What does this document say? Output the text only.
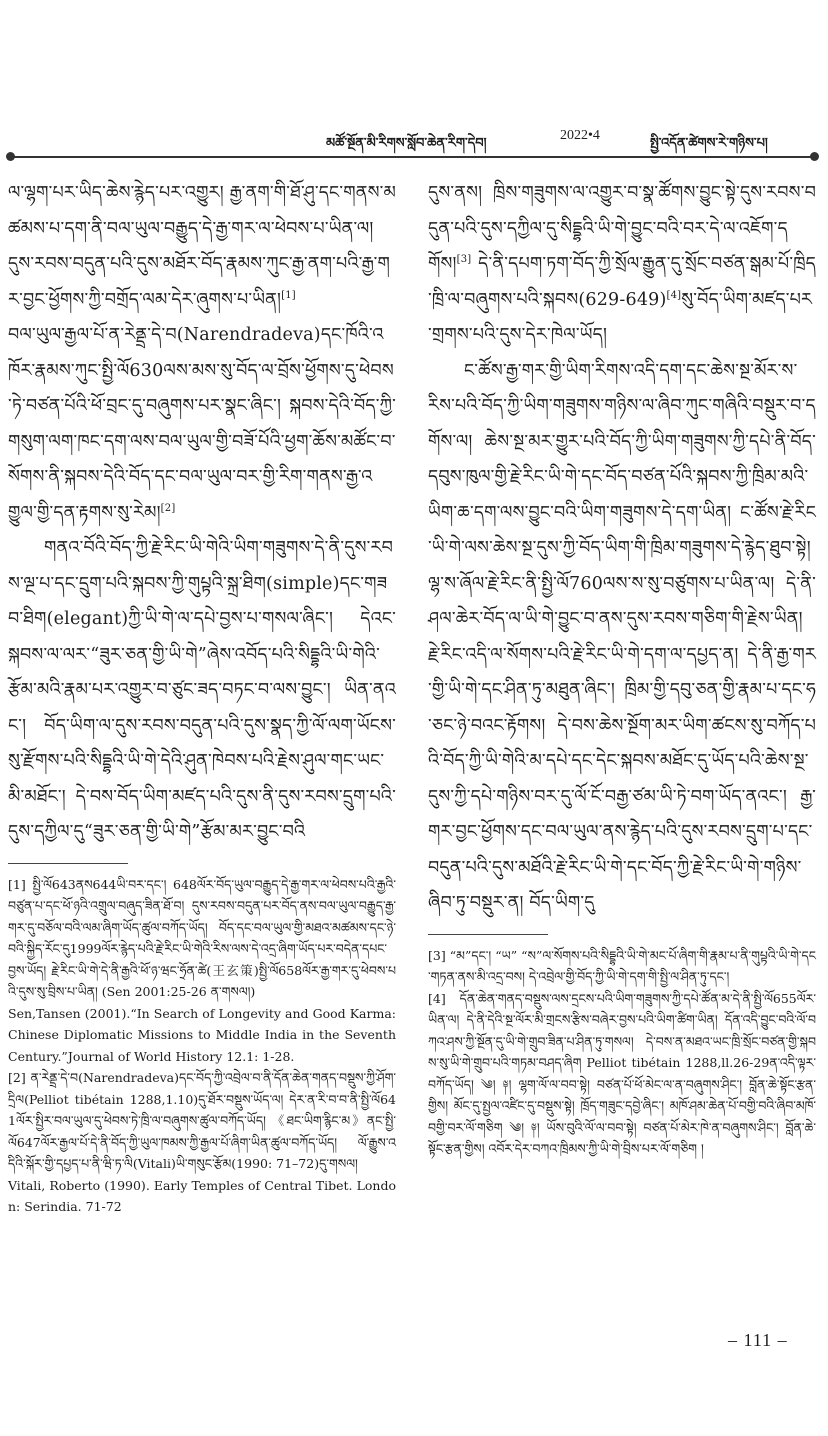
མཚོ་སྔོན་མི་རིགས་སློབ་ཆེན་རིག་དེབ།
2022•4
སྤྱི་འདོན་ཚེགས་རེ་གཉིས་པ།

ལ་ལྷག་པར་ཡིད་ཆེས་རྙེད་པར་འགྱུར། རྒྱ་ནག་གི་ཐོ་ཤུ་དང་གནས་མཚམས་པ་དག་ནི་བལ་ཡུལ་བརྒྱུད་དེ་རྒྱ་གར་ལ་ཕེབས་པ་ཡིན་ལ། དུས་རབས་བདུན་པའི་དུས་མཐོར་བོད་རྣམས་ཀུང་རྒྱ་ནག་པའི་རྒྱ་གར་བྱང་ཕྱོགས་ཀྱི་བགྲོད་ལམ་དེར་ཞུགས་པ་ཡིན།[1]

བལ་ཡུལ་རྒྱལ་པོ་ན་རེནྡྲ་དེ་བ(Narendradeva)དང་ཁོའི་འཁོར་རྣམས་ཀུང་སྤྱི་ལོ630ལས་མས་སུ་བོད་ལ་བྲོས་ཕྱོགས་དུ་ཕེབས་ཏེ་བཙན་པོའི་ཕོ་བྲང་དུ་བཞུགས་པར་སྣང་ཞིང་། སྐབས་དེའི་བོད་ཀྱི་གསུག་ལག་ཁང་དག་ལས་བལ་ཡུལ་གྱི་བཟོ་པོའི་ཕྱག་ཆོས་མཚོང་བ་སོགས་ནི་སྐབས་དེའི་བོད་དང་བལ་ཡུལ་བར་གྱི་རིག་གནས་རྒྱ་འགྱུལ་གྱི་དན་རྟགས་སུ་རེམ།[2]

གནའ་བོའི་བོད་ཀྱི་རྗེ་རིང་ཡི་གེའི་ཡིག་གཟུགས་དེ་ནི་དུས་རབས་ལྔ་པ་དང་དྲུག་པའི་སྐབས་ཀྱི་གུཔྟའི་སྐྲ་ཐིག(simple)དང་གཟབ་ཐིག(elegant)ཀྱི་ཡི་གེ་ལ་དཔེ་བྱས་པ་གསལ་ཞིང་། དེའང་སྐབས་ལ་ལར་“ཟུར་ཅན་གྱི་ཡི་གེ”ཞེས་འབོད་པའི་སིདྡྷའི་ཡི་གེའི་རྩོམ་མའི་རྣམ་པར་འགྱུར་བ་ཙུང་ཟད་བཏང་བ་ལས་བྱུང་། ཡིན་ནའང་། བོད་ཡིག་ལ་དུས་རབས་བདུན་པའི་དུས་སྣད་ཀྱི་ལོ་ལག་ཡོངས་སུ་རྫོགས་པའི་སིདྡྷའི་ཡི་གེ་དེའི་ཤུན་ཁེབས་པའི་རྗེས་ཤུལ་གང་ཡང་མི་མཐོང་། དེ་བས་བོད་ཡིག་མཛད་པའི་དུས་ནི་དུས་རབས་དྲུག་པའི་དུས་དཀྱིལ་དུ“ཟུར་ཅན་གྱི་ཡི་གེ”རྩོམ་མར་བྱུང་བའི

[1] སྤྱི་ལོ643ནས644ཡི་བར་དང་། 648ལོར་བོད་ཡུལ་བརྒྱུད་དེ་རྒྱ་གར་ལ་ཕེབས་པའི་རྒྱའི་བཙུན་པ་དང་ཕོ་ཉའི་འགྲུལ་བཞུད་ཟིན་ཐོ་བ། དུས་རབས་བདུན་པར་བོད་ནས་བལ་ཡུལ་བརྒྱུད་རྒྱ་གར་དུ་བཅོལ་བའི་ལམ་ཞིག་ཡོད་ཚུལ་བཀོད་ཡོད། བོད་དང་བལ་ཡུལ་གྱི་མཐའ་མཚམས་དང་ཉེ་བའི་སྐྱིད་རོང་དུ1999ལོར་རྙེད་པའི་རྗེ་རིང་ཡི་གེའི་རིས་ལས་དེ་འདྲ་ཞིག་ཡོད་པར་བདེན་དཔང་བྱས་ཡོད། རྗེ་རིང་ཡི་གེ་དེ་ནི་རྒྱའི་ཕོ་ཉ་ཝང་ཧྲོན་ཚེ(王玄策)སྤྱི་ལོ658ལོར་རྒྱ་གར་དུ་ཕེབས་པའི་དུས་སུ་བྲིས་པ་ཡིན། (Sen 2001:25-26 ན་གསལ།)

Sen,Tansen (2001).“In Search of Longevity and Good Karma: Chinese Diplomatic Missions to Middle India in the Seventh Century.”Journal of World History 12.1: 1-28.

[2] ན་རེནྡྲ་དེ་བ(Narendradeva)དང་བོད་ཀྱི་འབྲེལ་བ་ནི་དོན་ཆེན་གནད་བསྡུས་ཀྱི་ཤོག་དྲིལ(Pelliot tibétain 1288,1.10)དུ་ཐོར་བསྡུས་ཡོད་ལ། དེར་ན་རི་བ་བ་ནི་སྤྱི་ལོ641ལོར་སྤྱིར་བལ་ཡུལ་དུ་ཕེབས་ཏེ་ཁྲི་ལ་བཞུགས་ཚུལ་བཀོད་ཡོད། 《ཐང་ཡིག་རྙིང་མ》ནང་སྤྱི་ལོ647ལོར་རྒྱལ་པོ་དེ་ནི་བོད་ཀྱི་ཡུལ་ཁམས་ཀྱི་རྒྱལ་པོ་ཞིག་ཡིན་ཚུལ་བཀོད་ཡོད། ལོ་རྒྱུས་འདིའི་སྐོར་གྱི་དཔྱད་པ་ནི་ཝི་ཏ་ལི(Vitali)ཡི་གསུང་རྩོམ(1990: 71–72)དུ་གསལ།

Vitali, Roberto (1990). Early Temples of Central Tibet. London: Serindia. 71-72

དུས་ནས། ཁྲིས་གཟུགས་ལ་འགྱུར་བ་སྣ་ཚོགས་བྱུང་སྟེ་དུས་རབས་བདུན་པའི་དུས་དཀྱིལ་དུ་སིདྡྷའི་ཡི་གེ་བྱུང་བའི་བར་དེ་ལ་འཇོག་དགོས།[3] དེ་ནི་དཔག་ཏག་བོད་ཀྱི་སྲོལ་རྒྱུན་དུ་སྲོང་བཙན་སྒམ་པོ་ཁྲིད་ཁྲི་ལ་བཞུགས་པའི་སྐབས(629-649)[4]སུ་བོད་ཡིག་མཛད་པར་གྲགས་པའི་དུས་དེར་ཁེལ་ཡོད།

ང་ཚོས་རྒྱ་གར་གྱི་ཡིག་རིགས་འདི་དག་དང་ཆེས་སྔ་མོར་ས་རིས་པའི་བོད་ཀྱི་ཡིག་གཟུགས་གཉིས་ལ་ཞིབ་ཀུང་གཞིའི་བསྡུར་བ་དགོས་ལ། ཆེས་སྔ་མར་གྱུར་པའི་བོད་ཀྱི་ཡིག་གཟུགས་ཀྱི་དཔེ་ནི་བོད་དབུས་ཁུལ་གྱི་རྗེ་རིང་ཡི་གེ་དང་བོད་བཙན་པོའི་སྐབས་ཀྱི་ཁྲིམ་མའི་ཡིག་ཆ་དག་ལས་བྱུང་བའི་ཡིག་གཟུགས་དེ་དག་ཡིན། ང་ཚོས་རྗེ་རིང་ཡི་གེ་ལས་ཆེས་སྔ་དུས་ཀྱི་བོད་ཡིག་གི་ཁྲིམ་གཟུགས་དེ་རྙེད་ཐུབ་སྟེ། ལྷ་ས་ཞོལ་རྗེ་རིང་ནི་སྤྱི་ལོ760ལས་ས་སུ་བཙུགས་པ་ཡིན་ལ། དེ་ནི་ཤལ་ཆེར་བོད་ལ་ཡི་གེ་བྱུང་བ་ནས་དུས་རབས་གཅིག་གི་རྗེས་ཡིན། རྗེ་རིང་འདི་ལ་སོགས་པའི་རྗེ་རིང་ཡི་གེ་དག་ལ་དཔྱད་ན། དེ་ནི་རྒྱ་གར་གྱི་ཡི་གེ་དང་ཤིན་ཏུ་མཐུན་ཞིང་། ཁྲིམ་གྱི་དབུ་ཅན་གྱི་རྣམ་པ་དང་ཧ་ཅང་ཉེ་བའང་རྟོགས། དེ་བས་ཆེས་སྔོག་མར་ཡིག་ཚངས་སུ་བཀོད་པའི་བོད་ཀྱི་ཡི་གེའི་མ་དཔེ་དང་དེང་སྐབས་མཐོང་དུ་ཡོད་པའི་ཆེས་སྔ་དུས་ཀྱི་དཔེ་གཉིས་བར་དུ་ལོ་ངོ་བརྒྱ་ཙམ་ཡི་ཏེ་བག་ཡོད་ནའང་། རྒྱ་གར་བྱང་ཕྱོགས་དང་བལ་ཡུལ་ནས་རྙེད་པའི་དུས་རབས་དྲུག་པ་དང་བདུན་པའི་དུས་མཐོའི་རྗེ་རིང་ཡི་གེ་དང་བོད་ཀྱི་རྗེ་རིང་ཡི་གེ་གཉིས་ཞིབ་ཏུ་བསྡུར་ན། བོད་ཡིག་དུ

[3] “མ”དང་། “ཡ” “ས”ལ་སོགས་པའི་སིདྡྷའི་ཡི་གེ་མང་པོ་ཞིག་གི་རྣམ་པ་ནི་གུཔྟའི་ཡི་གེ་དང་གཏན་ནས་མི་འདྲ་བས། དེ་འབྲེལ་གྱི་བོད་ཀྱི་ཡི་གེ་དག་གི་སྤྱི་ལ་ཤིན་ཏུ་དང་།

[4] དོན་ཆེན་གནད་བསྡུས་ལས་དྲངས་པའི་ཡིག་གཟུགས་ཀྱི་དཔེ་ཚོན་མ་དེ་ནི་སྤྱི་ལོ655ལོར་ཡིན་ལ། དེ་ནི་དེའི་སྔ་ལོར་མི་གྲངས་རྩིས་བཞེར་བྱས་པའི་ཡིག་ཚིག་ཡིན། དོན་འདི་བྱུང་བའི་ལོ་བཀའ་ཤས་ཀྱི་སྔོན་དུ་ཡི་གེ་གྲུབ་ཟིན་པ་ཤིན་ཏུ་གསལ། དེ་བས་ན་མཐའ་ཡང་ཁྲི་སྲོང་བཙན་གྱི་སྐབས་སུ་ཡི་གེ་གྲུབ་པའི་གཏམ་བཤད་ཞིག Pelliot tibétain 1288,ll.26-29ན་འདི་ལྟར་བཀོད་ཡོད། ༄། ༈། ལྷག་ལོ་ལ་བབ་སྟེ། བཙན་པོ་ཕོ་མེང་ལ་ན་བཞུགས་ཤིང་། བློན་ཆེ་སྟོང་རྩན་གྱིས། མོང་དུ་སྤྱལ་འཛིང་དུ་བསྡུས་སྟེ། ཁྲོད་གཟུང་དབྱེ་ཞིང་། མཁོ་ཤམ་ཆེན་པོ་བགྱི་བའི་ཞིབ་མཁོ་བགྱི་བར་ལོ་གཅིག ༄། ༈། ཡོས་བུའི་ལོ་ལ་བབ་སྟེ། བཙན་པོ་མེར་ཁེ་ན་བཞུགས་ཤིང་། བློན་ཆེ་སྟོང་རྩན་གྱིས། འབོར་དེར་བཀའ་ཁྲིམས་ཀྱི་ཡི་གེ་བྲིས་པར་ལོ་གཅིག །

– 111 –
